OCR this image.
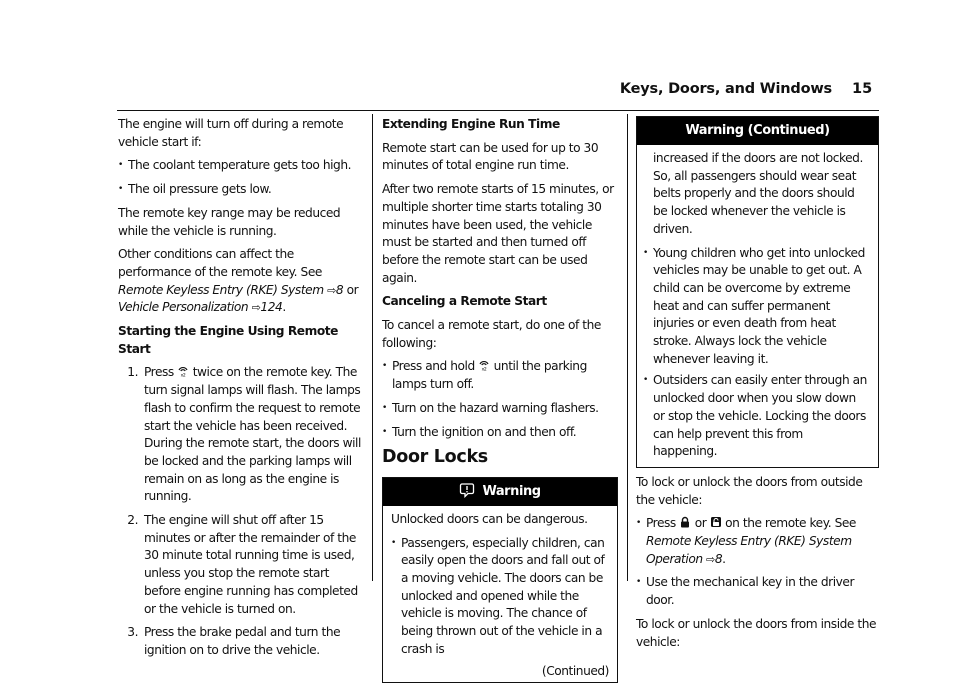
Keys, Doors, and Windows 15

The engine will turn off during a remote vehicle start if:

• The coolant temperature gets too high.
• The oil pressure gets low.

The remote key range may be reduced while the vehicle is running.

Other conditions can affect the performance of the remote key. See Remote Keyless Entry (RKE) System ⇨8 or Vehicle Personalization ⇨124.

Starting the Engine Using Remote Start

1. Press x2 twice on the remote key. The turn signal lamps will flash. The lamps flash to confirm the request to remote start the vehicle has been received. During the remote start, the doors will be locked and the parking lamps will remain on as long as the engine is running.
2. The engine will shut off after 15 minutes or after the remainder of the 30 minute total running time is used, unless you stop the remote start before engine running has completed or the vehicle is turned on.
3. Press the brake pedal and turn the ignition on to drive the vehicle.

Extending Engine Run Time

Remote start can be used for up to 30 minutes of total engine run time.

After two remote starts of 15 minutes, or multiple shorter time starts totaling 30 minutes have been used, the vehicle must be started and then turned off before the remote start can be used again.

Canceling a Remote Start

To cancel a remote start, do one of the following:

• Press and hold x2 until the parking lamps turn off.
• Turn on the hazard warning flashers.
• Turn the ignition on and then off.
Door Locks
Warning

Unlocked doors can be dangerous.

• Passengers, especially children, can easily open the doors and fall out of a moving vehicle. The doors can be unlocked and opened while the vehicle is moving. The chance of being thrown out of the vehicle in a crash is
(Continued)
Warning (Continued)

increased if the doors are not locked. So, all passengers should wear seat belts properly and the doors should be locked whenever the vehicle is driven.

• Young children who get into unlocked vehicles may be unable to get out. A child can be overcome by extreme heat and can suffer permanent injuries or even death from heat stroke. Always lock the vehicle whenever leaving it.
• Outsiders can easily enter through an unlocked door when you slow down or stop the vehicle. Locking the doors can help prevent this from happening.

To lock or unlock the doors from outside the vehicle:

• Press or on the remote key. See Remote Keyless Entry (RKE) System Operation ⇨8.
• Use the mechanical key in the driver door.

To lock or unlock the doors from inside the vehicle:
